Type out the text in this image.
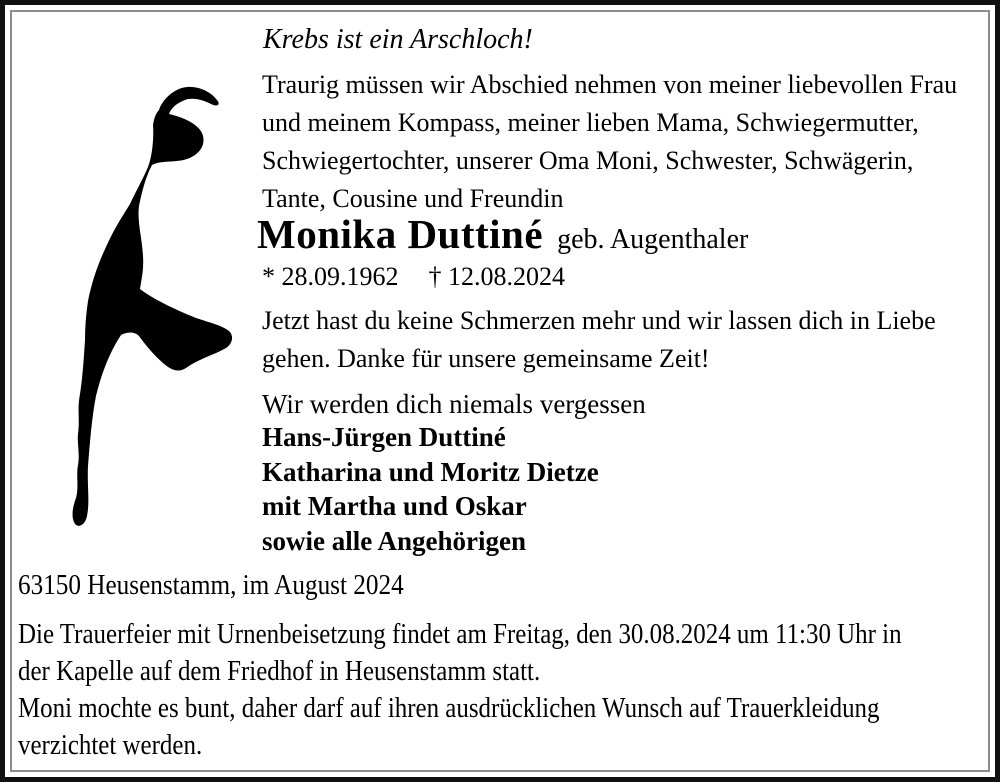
Krebs ist ein Arschloch!
Traurig müssen wir Abschied nehmen von meiner liebevollen Frau
und meinem Kompass, meiner lieben Mama, Schwiegermutter,
Schwiegertochter, unserer Oma Moni, Schwester, Schwägerin,
Tante, Cousine und Freundin
Monika Duttiné geb. Augenthaler
* 28.09.1962 † 12.08.2024
Jetzt hast du keine Schmerzen mehr und wir lassen dich in Liebe
gehen. Danke für unsere gemeinsame Zeit!
Wir werden dich niemals vergessen
Hans-Jürgen Duttiné
Katharina und Moritz Dietze
mit Martha und Oskar
sowie alle Angehörigen
63150 Heusenstamm, im August 2024
Die Trauerfeier mit Urnenbeisetzung findet am Freitag, den 30.08.2024 um 11:30 Uhr in
der Kapelle auf dem Friedhof in Heusenstamm statt.
Moni mochte es bunt, daher darf auf ihren ausdrücklichen Wunsch auf Trauerkleidung
verzichtet werden.
